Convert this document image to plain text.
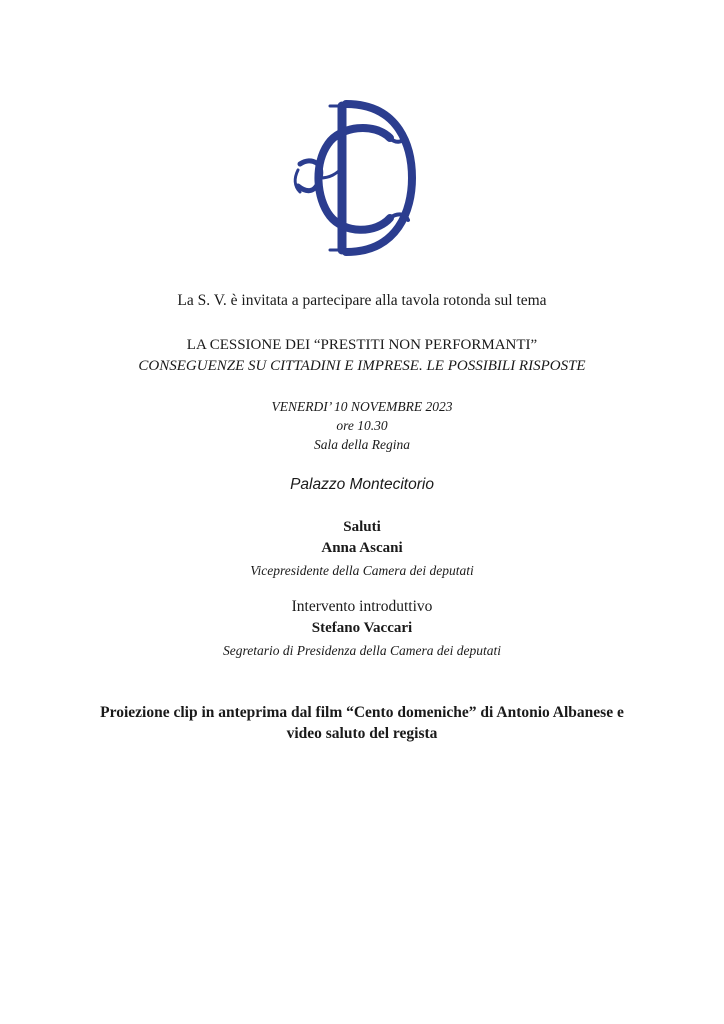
La S. V. è invitata a partecipare alla tavola rotonda sul tema
LA CESSIONE DEI “PRESTITI NON PERFORMANTI”
CONSEGUENZE SU CITTADINI E IMPRESE. LE POSSIBILI RISPOSTE
VENERDI’ 10 NOVEMBRE 2023
ore 10.30
Sala della Regina
Palazzo Montecitorio
Saluti
Anna Ascani
Vicepresidente della Camera dei deputati
Intervento introduttivo
Stefano Vaccari
Segretario di Presidenza della Camera dei deputati
Proiezione clip in anteprima dal film “Cento domeniche” di Antonio Albanese e
video saluto del regista
